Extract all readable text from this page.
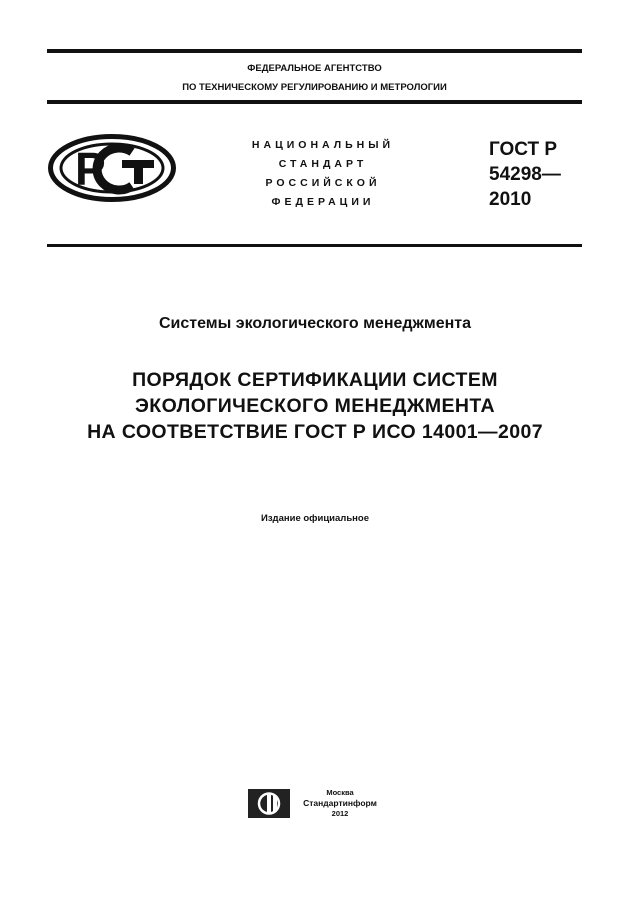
ФЕДЕРАЛЬНОЕ АГЕНТСТВО
ПО ТЕХНИЧЕСКОМУ РЕГУЛИРОВАНИЮ И МЕТРОЛОГИИ
P	НАЦИОНАЛЬНЫЙ
СТАНДАРТ
РОССИЙСКОЙ
ФЕДЕРАЦИИ
ГОСТ Р
54298—
2010
Системы экологического менеджмента
ПОРЯДОК СЕРТИФИКАЦИИ СИСТЕМ
ЭКОЛОГИЧЕСКОГО МЕНЕДЖМЕНТА
НА СООТВЕТСТВИЕ ГОСТ Р ИСО 14001—2007
Издание официальное
Москва
Стандартинформ
2012
